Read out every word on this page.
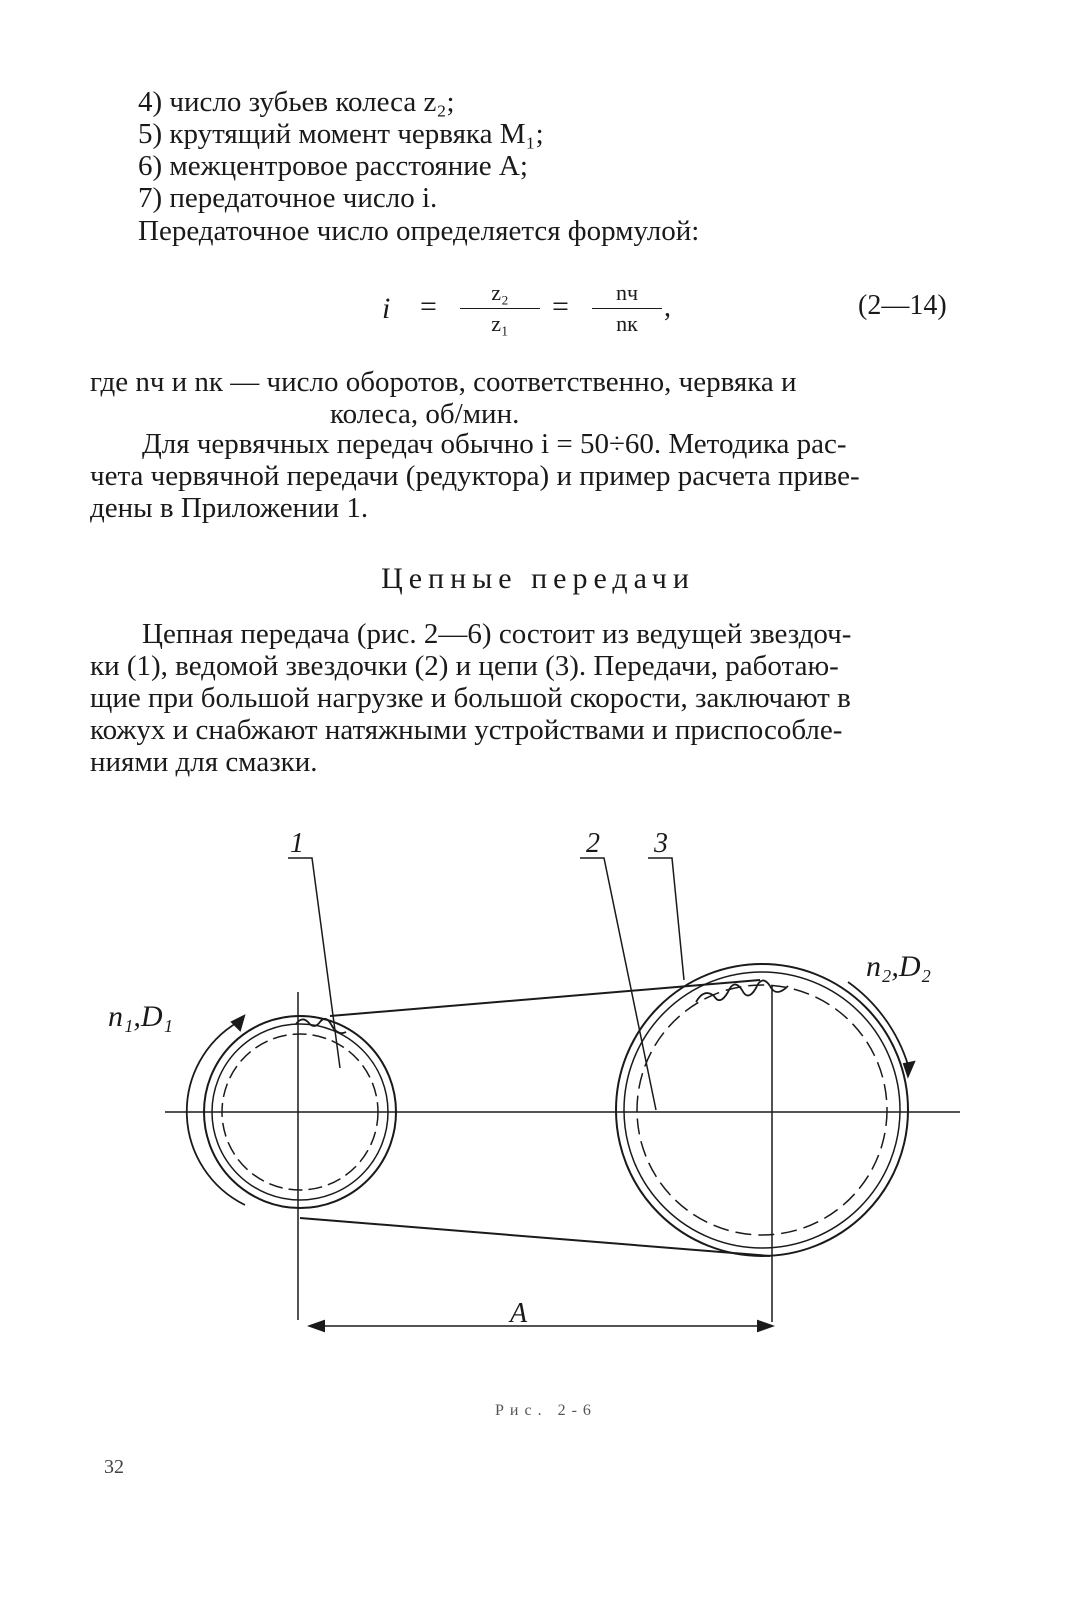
4) число зубьев колеса z₂;
5) крутящий момент червяка M₁;
6) межцентровое расстояние A;
7) передаточное число i.
Передаточное число определяется формулой:
i =	z₂
z₁
=	nч
nк
,	(2—14)
где nч и nк — число оборотов, соответственно, червяка и
колеса, об/мин.
Для червячных передач обычно i = 50÷60. Методика рас-
чета червячной передачи (редуктора) и пример расчета приве-
дены в Приложении 1.
Цепные передачи
Цепная передача (рис. 2—6) состоит из ведущей звездоч-
ки (1), ведомой звездочки (2) и цепи (3). Передачи, работаю-
щие при большой нагрузке и большой скорости, заключают в
кожух и снабжают натяжными устройствами и приспособле-
ниями для смазки.
1	2 3
n₁,D₁
n₂,D₂
A
Рис. 2-6
32
